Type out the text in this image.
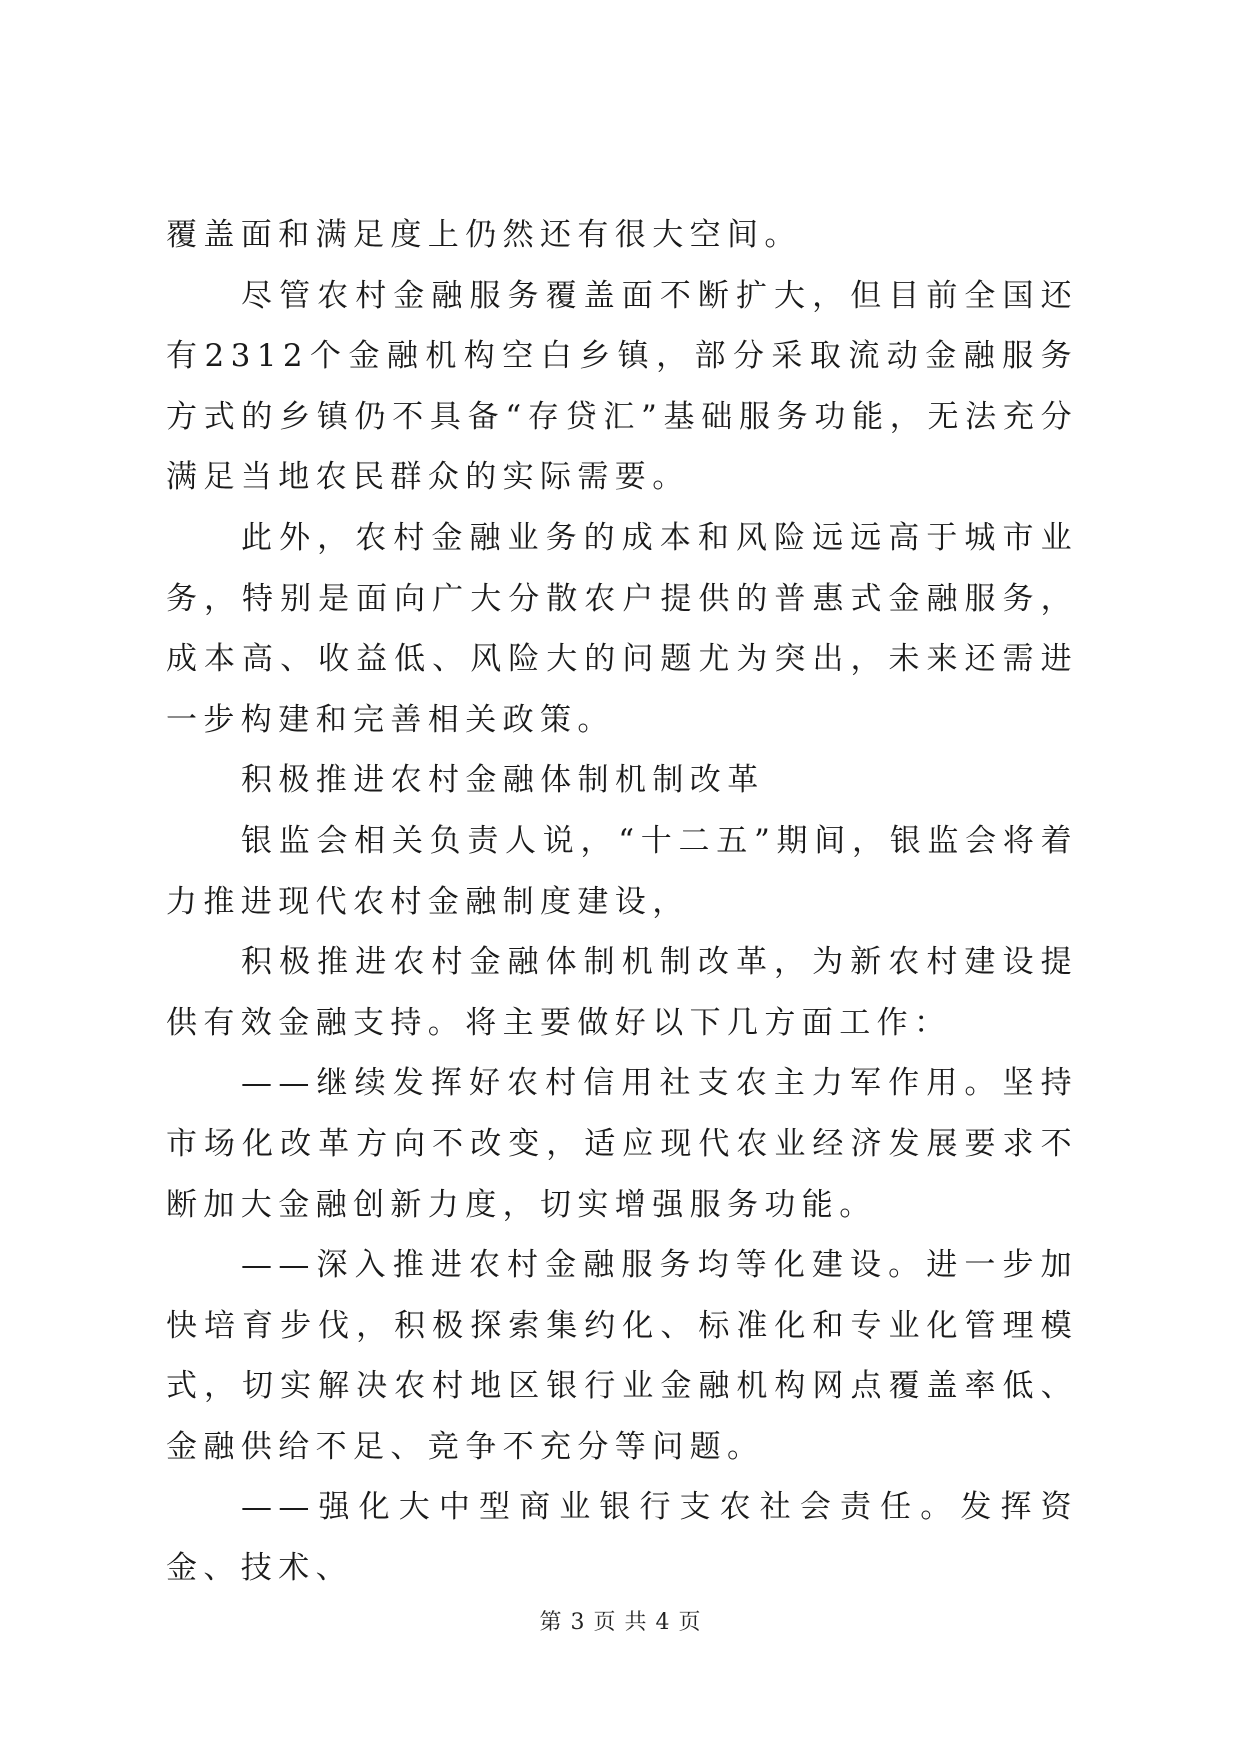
覆盖面和满足度上仍然还有很大空间。

尽管农村金融服务覆盖面不断扩大，但目前全国还有2312个金融机构空白乡镇，部分采取流动金融服务方式的乡镇仍不具备“存贷汇”基础服务功能，无法充分满足当地农民群众的实际需要。

此外，农村金融业务的成本和风险远远高于城市业务，特别是面向广大分散农户提供的普惠式金融服务，成本高、收益低、风险大的问题尤为突出，未来还需进一步构建和完善相关政策。

积极推进农村金融体制机制改革

银监会相关负责人说，“十二五”期间，银监会将着力推进现代农村金融制度建设，

积极推进农村金融体制机制改革，为新农村建设提供有效金融支持。将主要做好以下几方面工作：

——继续发挥好农村信用社支农主力军作用。坚持市场化改革方向不改变，适应现代农业经济发展要求不断加大金融创新力度，切实增强服务功能。

——深入推进农村金融服务均等化建设。进一步加快培育步伐，积极探索集约化、标准化和专业化管理模式，切实解决农村地区银行业金融机构网点覆盖率低、金融供给不足、竞争不充分等问题。

——强化大中型商业银行支农社会责任。发挥资金、技术、

第 3 页 共 4 页
